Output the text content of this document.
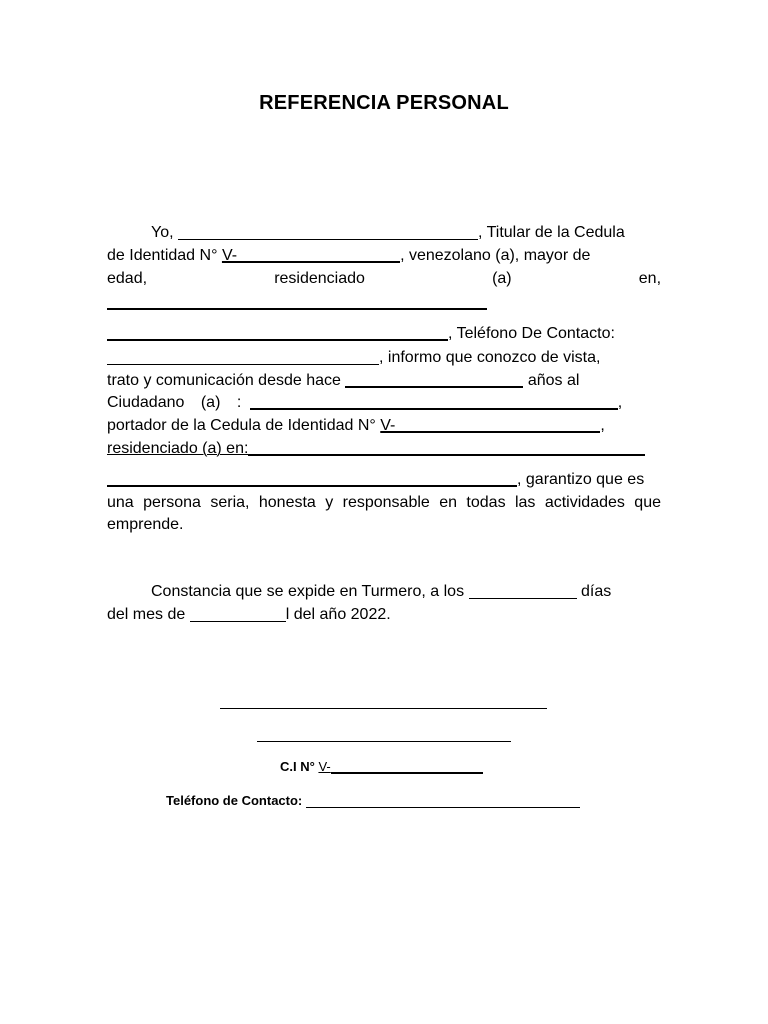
REFERENCIA PERSONAL
Yo,	, Titular de la Cedula
de Identidad N° V-	, venezolano (a), mayor de
edad,	residenciado	(a)	en,
, Teléfono De Contacto:
, informo que conozco de vista,
trato y comunicación desde hace	años al
Ciudadano (a) :	,
portador de la Cedula de Identidad N° V-	,
residenciado (a) en:
, garantizo que es
una persona seria, honesta y responsable en todas las actividades que
emprende.
Constancia que se expide en Turmero, a los	días
del mes de	l del año 2022.
C.I N° V-
Teléfono de Contacto:
